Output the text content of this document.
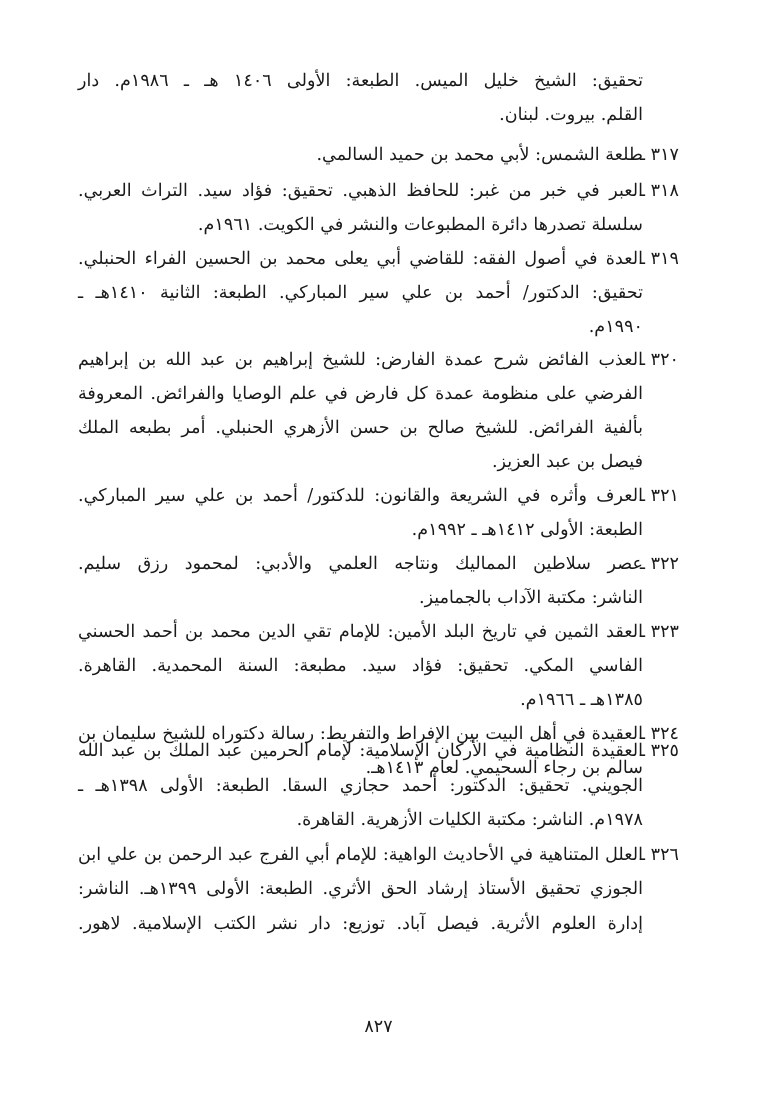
تحقيق: الشيخ خليل الميس. الطبعة: الأولى ١٤٠٦ هـ ـ ١٩٨٦م. دار
القلم. بيروت. لبنان.
٣١٧ ـطلعة الشمس: لأبي محمد بن حميد السالمي.
٣١٨ ـالعبر في خبر من غبر: للحافظ الذهبي. تحقيق: فؤاد سيد. التراث العربي.
سلسلة تصدرها دائرة المطبوعات والنشر في الكويت. ١٩٦١م.
٣١٩ ـالعدة في أصول الفقه: للقاضي أبي يعلى محمد بن الحسين الفراء الحنبلي.
تحقيق: الدكتور/ أحمد بن علي سير المباركي. الطبعة: الثانية ١٤١٠هـ ـ
١٩٩٠م.
٣٢٠ ـالعذب الفائض شرح عمدة الفارض: للشيخ إبراهيم بن عبد الله بن إبراهيم
الفرضي على منظومة عمدة كل فارض في علم الوصايا والفرائض. المعروفة
بألفية الفرائض. للشيخ صالح بن حسن الأزهري الحنبلي. أمر بطبعه الملك
فيصل بن عبد العزيز.
٣٢١ ـالعرف وأثره في الشريعة والقانون: للدكتور/ أحمد بن علي سير المباركي.
الطبعة: الأولى ١٤١٢هـ ـ ١٩٩٢م.
٣٢٢ ـعصر سلاطين المماليك ونتاجه العلمي والأدبي: لمحمود رزق سليم.
الناشر: مكتبة الآداب بالجماميز.
٣٢٣ ـالعقد الثمين في تاريخ البلد الأمين: للإمام تقي الدين محمد بن أحمد الحسني
الفاسي المكي. تحقيق: فؤاد سيد. مطبعة: السنة المحمدية. القاهرة.
١٣٨٥هـ ـ ١٩٦٦م.
٣٢٤ ـالعقيدة في أهل البيت بين الإفراط والتفريط: رسالة دكتوراه للشيخ سليمان بن
سالم بن رجاء السحيمي. لعام ١٤١٣هـ.
٣٢٥ ـالعقيدة النظامية في الأركان الإسلامية: لإمام الحرمين عبد الملك بن عبد الله
الجويني. تحقيق: الدكتور: أحمد حجازي السقا. الطبعة: الأولى ١٣٩٨هـ ـ
١٩٧٨م. الناشر: مكتبة الكليات الأزهرية. القاهرة.
٣٢٦ ـالعلل المتناهية في الأحاديث الواهية: للإمام أبي الفرج عبد الرحمن بن علي ابن
الجوزي تحقيق الأستاذ إرشاد الحق الأثري. الطبعة: الأولى ١٣٩٩هـ. الناشر:
إدارة العلوم الأثرية. فيصل آباد. توزيع: دار نشر الكتب الإسلامية. لاهور.
٨٢٧
